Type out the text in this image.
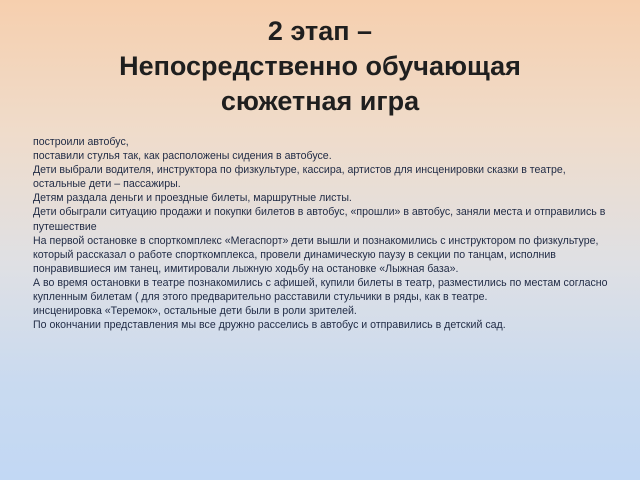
2 этап –
Непосредственно обучающая
сюжетная игра

построили автобус,

поставили стулья так, как расположены сидения в автобусе.

Дети выбрали водителя, инструктора по физкультуре, кассира, артистов для инсценировки сказки в театре, остальные дети – пассажиры.

Детям раздала деньги и проездные билеты, маршрутные листы.

Дети обыграли ситуацию продажи и покупки билетов в автобус, «прошли» в автобус, заняли места и отправились в путешествие

На первой остановке в спорткомплекс «Мегаспорт» дети вышли и познакомились с инструктором по физкультуре, который рассказал о работе спорткомплекса, провели динамическую паузу в секции по танцам, исполнив понравившиеся им танец, имитировали лыжную ходьбу на остановке «Лыжная база».

А во время остановки в театре познакомились с афишей, купили билеты в театр, разместились по местам согласно купленным билетам ( для этого предварительно расставили стульчики в ряды, как в театре.

инсценировка «Теремок», остальные дети были в роли зрителей.

По окончании представления мы все дружно расселись в автобус и отправились в детский сад.
